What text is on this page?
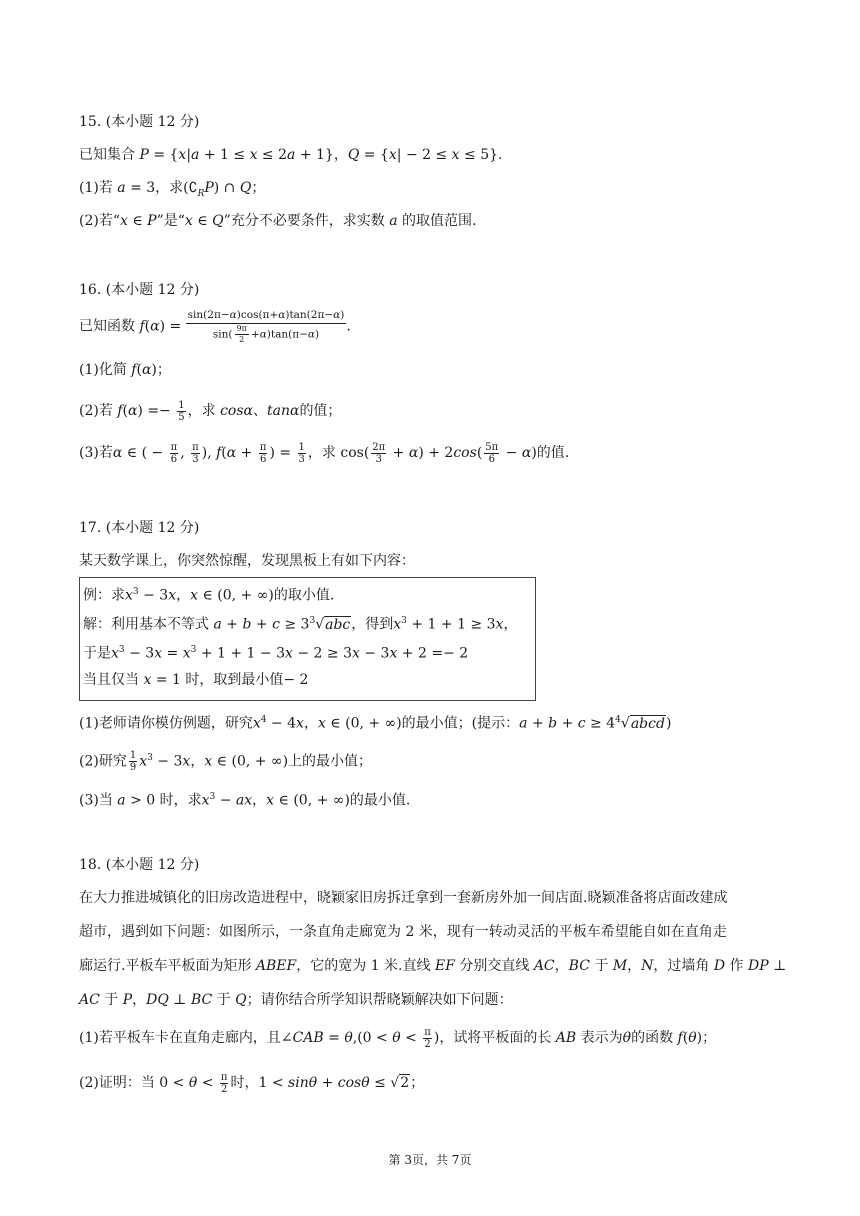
15. (本小题 12 分)
已知集合 P = {x|a + 1 ≤ x ≤ 2a + 1}，Q = {x| − 2 ≤ x ≤ 5}.
(1)若 a = 3，求$(∁_RP)$ ∩ Q；
(2)若“x ∈ P”是“x ∈ Q”充分不必要条件，求实数 a 的取值范围.
16. (本小题 12 分)
已知函数 $f(\alpha) = \frac{\sin(2\pi-\alpha)\cos(\pi+\alpha)\tan(2\pi-\alpha)}{\sin( \frac{9\pi}{2} +\alpha)\tan(\pi-\alpha)}$ .
(1)化简 f(α)；
(2)若 $f(\alpha) =- \frac{1}{5}$ ，求 cosα、tanα的值；
(3)若α ∈ ( − $\frac{\pi}{6}$ , $\frac{\pi}{3}$ ), $f(\alpha + \frac{\pi}{6}$ ) = $\frac{1}{3}$ ，求 $\cos( \frac{2\pi}{3} + \alpha) + 2\cos( \frac{5\pi}{6} - \alpha)$的值.
17. (本小题 12 分)
某天数学课上，你突然惊醒，发现黑板上有如下内容：
例：求$x^3 - 3x$，x ∈ (0, + ∞)的取小值.
解：利用基本不等式 $a + b + c \ge 3^3√abc$，得到$x^3 + 1 + 1 \ge 3x$，
于是$x^3 - 3x = x^3 + 1 + 1 - 3x - 2 \ge 3x - 3x + 2 =- 2$
当且仅当 x = 1 时，取到最小值− 2
(1)老师请你模仿例题，研究$x^4 - 4x$，x ∈ (0, + ∞)的最小值；(提示：$a + b + c \ge 4^4√abcd$)
(2)研究 $\frac{1}{9} x^3 - 3x$，x ∈ (0, + ∞)上的最小值；
(3)当 a > 0 时，求$x^3$ − ax，x ∈ (0, + ∞)的最小值.
18. (本小题 12 分)
在大力推进城镇化的旧房改造进程中，晓颖家旧房拆迁拿到一套新房外加一间店面.晓颖准备将店面改建成
超市，遇到如下问题：如图所示，一条直角走廊宽为 2 米，现有一转动灵活的平板车希望能自如在直角走
廊运行.平板车平板面为矩形 ABEF，它的宽为 1 米.直线 EF 分别交直线 AC，BC 于 M，N，过墙角 D 作 DP ⊥
AC 于 P，DQ ⊥ BC 于 Q；请你结合所学知识帮晓颖解决如下问题：
(1)若平板车卡在直角走廊内，且∠CAB = $\theta,(0 < \theta < \frac{\pi}{2}$ )，试将平板面的长 AB 表示为θ的函数 f(θ)；
(2)证明：当 $0 < \theta < \frac{\pi}{2}$ 时，1 < sinθ + cosθ ≤ √2；
第 3页，共 7页
